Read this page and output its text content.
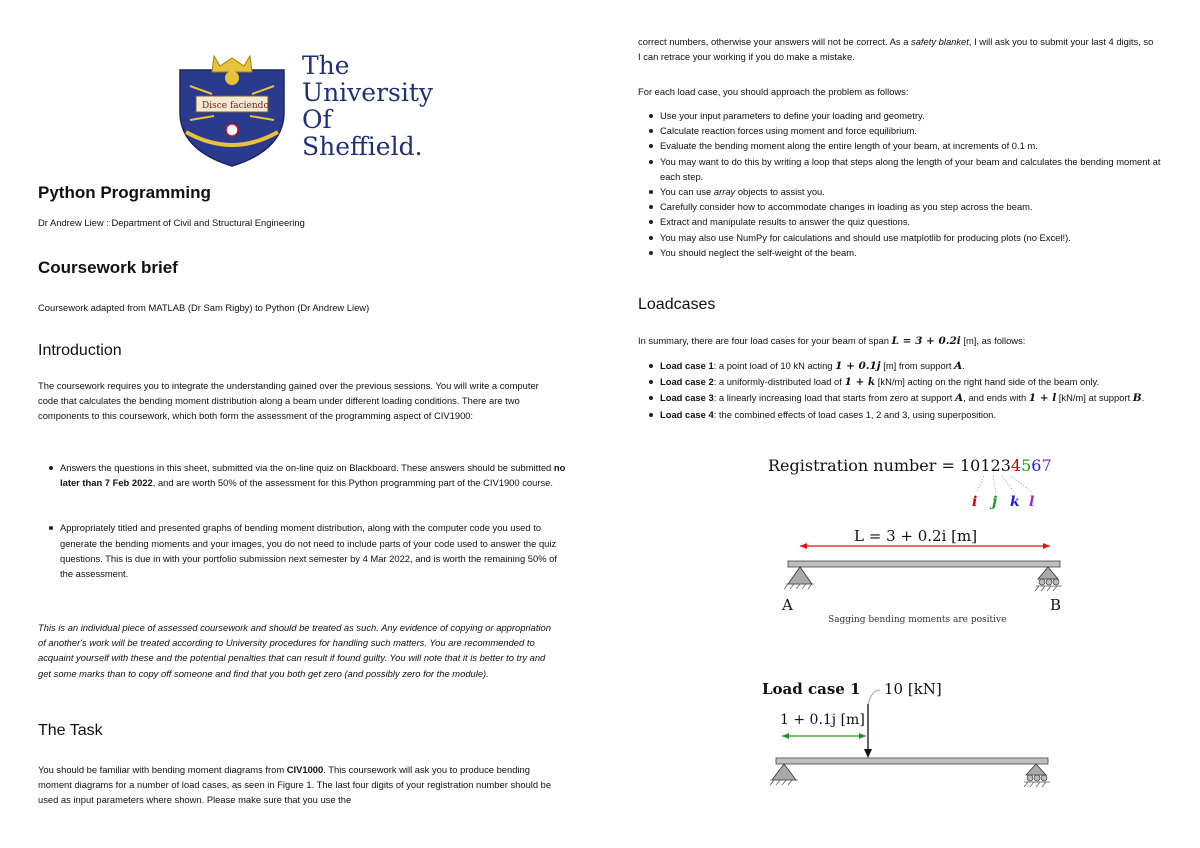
Disce faciendo
The
University
Of
Sheffield.
Python Programming

Dr Andrew Liew : Department of Civil and Structural Engineering

Coursework brief

Coursework adapted from MATLAB (Dr Sam Rigby) to Python (Dr Andrew Liew)

Introduction

The coursework requires you to integrate the understanding gained over the previous sessions. You will write a computer code that calculates the bending moment distribution along a beam under different loading conditions. There are two components to this coursework, which both form the assessment of the programming aspect of CIV1900:

Answers the questions in this sheet, submitted via the on-line quiz on Blackboard. These answers should be submitted no later than 7 Feb 2022, and are worth 50% of the assessment for this Python programming part of the CIV1900 course.
Appropriately titled and presented graphs of bending moment distribution, along with the computer code you used to generate the bending moments and your images, you do not need to include parts of your code used to answer the quiz questions. This is due in with your portfolio submission next semester by 4 Mar 2022, and is worth the remaining 50% of the assessment.

This is an individual piece of assessed coursework and should be treated as such. Any evidence of copying or appropriation of another's work will be treated according to University procedures for handling such matters. You are recommended to acquaint yourself with these and the potential penalties that can result if found guilty. You will note that it is better to try and get some marks than to copy off someone and find that you both get zero (and possibly zero for the module).

The Task

You should be familiar with bending moment diagrams from CIV1000. This coursework will ask you to produce bending moment diagrams for a number of load cases, as seen in Figure 1. The last four digits of your registration number should be used as input parameters where shown. Please make sure that you use the

correct numbers, otherwise your answers will not be correct. As a safety blanket, I will ask you to submit your last 4 digits, so I can retrace your working if you do make a mistake.

For each load case, you should approach the problem as follows:

Use your input parameters to define your loading and geometry.
Calculate reaction forces using moment and force equilibrium.
Evaluate the bending moment along the entire length of your beam, at increments of 0.1 m.
You may want to do this by writing a loop that steps along the length of your beam and calculates the bending moment at each step.
You can use array objects to assist you.
Carefully consider how to accommodate changes in loading as you step across the beam.
Extract and manipulate results to answer the quiz questions.
You may also use NumPy for calculations and should use matplotlib for producing plots (no Excel!).
You should neglect the self-weight of the beam.
Loadcases

In summary, there are four load cases for your beam of span L = 3 + 0.2i [m], as follows:

Load case 1: a point load of 10 kN acting 1 + 0.1j [m] from support A.
Load case 2: a uniformly-distributed load of 1 + k [kN/m] acting on the right hand side of the beam only.
Load case 3: a linearly increasing load that starts from zero at support A, and ends with 1 + l [kN/m] at support B.
Load case 4: the combined effects of load cases 1, 2 and 3, using superposition.
Registration number = 101234567
i j k l
L = 3 + 0.2i [m]
A	B
Sagging bending moments are positive
Load case 1 10 [kN]
1 + 0.1j [m]
